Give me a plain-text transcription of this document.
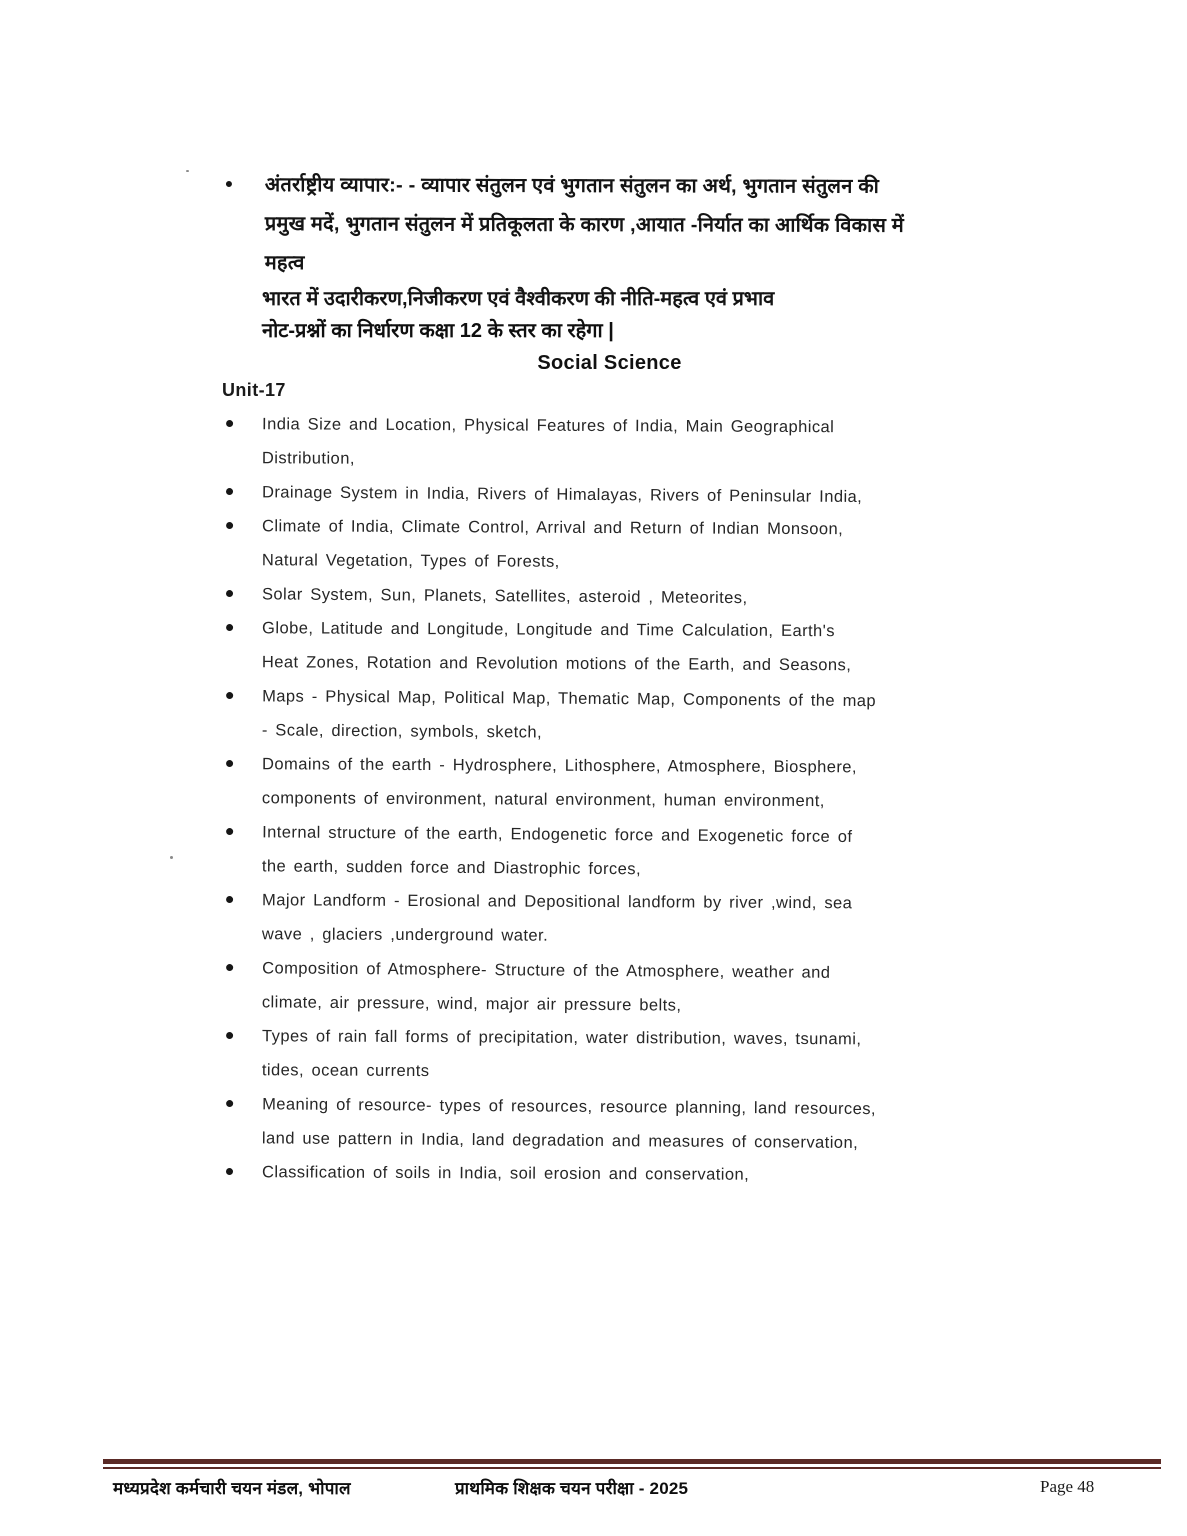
अंतर्राष्ट्रीय व्यापार:- - व्यापार संतुलन एवं भुगतान संतुलन का अर्थ, भुगतान संतुलन की
प्रमुख मदें, भुगतान संतुलन में प्रतिकूलता के कारण ,आयात -निर्यात का आर्थिक विकास में
महत्व
भारत में उदारीकरण,निजीकरण एवं वैश्वीकरण की नीति-महत्व एवं प्रभाव
नोट-प्रश्नों का निर्धारण कक्षा 12 के स्तर का रहेगा |
Social Science
Unit-17
India Size and Location, Physical Features of India, Main Geographical
Distribution,
Drainage System in India, Rivers of Himalayas, Rivers of Peninsular India,
Climate of India, Climate Control, Arrival and Return of Indian Monsoon,
Natural Vegetation, Types of Forests,
Solar System, Sun, Planets, Satellites, asteroid , Meteorites,
Globe, Latitude and Longitude, Longitude and Time Calculation, Earth's
Heat Zones, Rotation and Revolution motions of the Earth, and Seasons,
Maps - Physical Map, Political Map, Thematic Map, Components of the map
- Scale, direction, symbols, sketch,
Domains of the earth - Hydrosphere, Lithosphere, Atmosphere, Biosphere,
components of environment, natural environment, human environment,
Internal structure of the earth, Endogenetic force and Exogenetic force of
the earth, sudden force and Diastrophic forces,
Major Landform - Erosional and Depositional landform by river ,wind, sea
wave , glaciers ,underground water.
Composition of Atmosphere- Structure of the Atmosphere, weather and
climate, air pressure, wind, major air pressure belts,
Types of rain fall forms of precipitation, water distribution, waves, tsunami,
tides, ocean currents
Meaning of resource- types of resources, resource planning, land resources,
land use pattern in India, land degradation and measures of conservation,
Classification of soils in India, soil erosion and conservation,
मध्यप्रदेश कर्मचारी चयन मंडल, भोपाल	प्राथमिक शिक्षक चयन परीक्षा - 2025	Page 48
